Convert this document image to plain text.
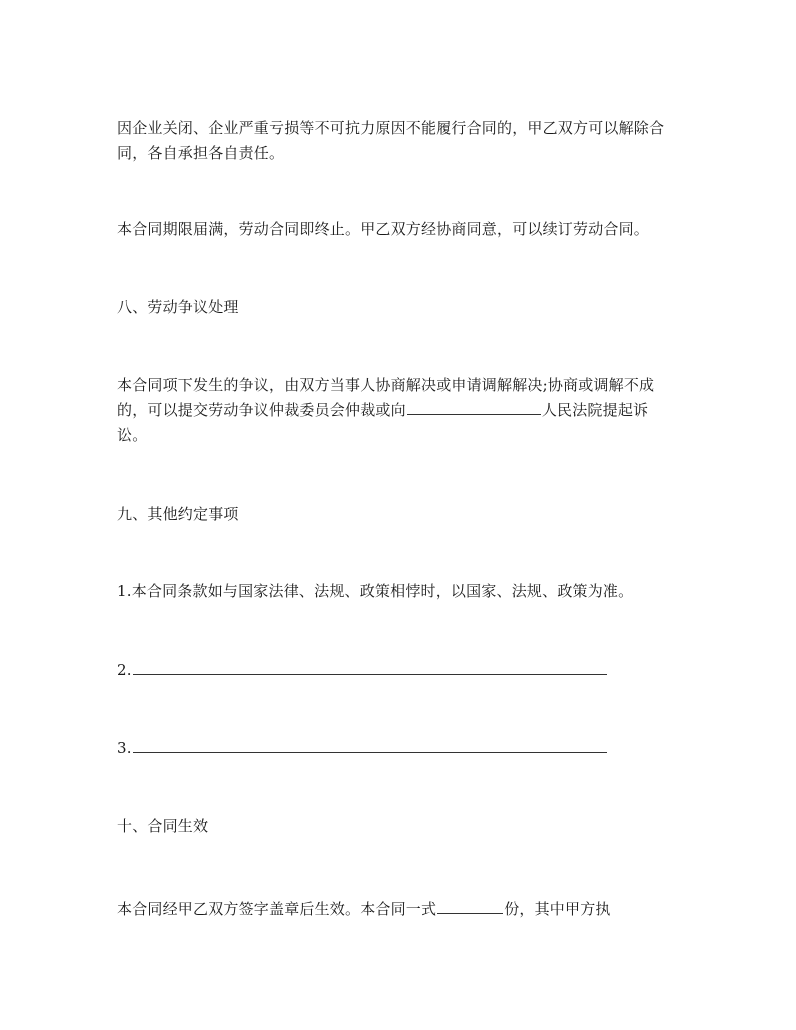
因企业关闭、企业严重亏损等不可抗力原因不能履行合同的，甲乙双方可以解除合
同，各自承担各自责任。
本合同期限届满，劳动合同即终止。甲乙双方经协商同意，可以续订劳动合同。
八、劳动争议处理
本合同项下发生的争议，由双方当事人协商解决或申请调解解决;协商或调解不成
的，可以提交劳动争议仲裁委员会仲裁或向	人民法院提起诉
讼。
九、其他约定事项
1.本合同条款如与国家法律、法规、政策相悖时，以国家、法规、政策为准。
2.
3.
十、合同生效
本合同经甲乙双方签字盖章后生效。本合同一式	份，其中甲方执
